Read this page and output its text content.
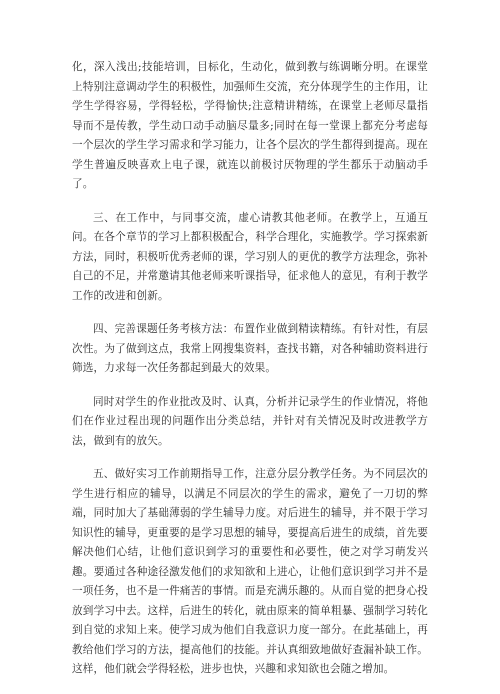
化，深入浅出;技能培训，目标化，生动化，做到教与练调晰分明。在课堂上特别注意调动学生的积极性，加强师生交流，充分体现学生的主作用，让学生学得容易，学得轻松，学得愉快;注意精讲精练，在课堂上老师尽量指导而不是传教，学生动口动手动脑尽量多;同时在每一堂课上都充分考虑每一个层次的学生学习需求和学习能力，让各个层次的学生都得到提高。现在学生普遍反映喜欢上电子课，就连以前极讨厌物理的学生都乐于动脑动手了。

三、在工作中，与同事交流，虚心请教其他老师。在教学上，互通互问。在各个章节的学习上都积极配合，科学合理化，实施教学。学习探索新方法，同时，积极听优秀老师的课，学习别人的更优的教学方法理念，弥补自己的不足，并常邀请其他老师来听课指导，征求他人的意见，有利于教学工作的改进和创新。

四、完善课题任务考核方法：布置作业做到精读精练。有针对性，有层次性。为了做到这点，我常上网搜集资料，查找书籍，对各种辅助资料进行筛选，力求每一次任务都起到最大的效果。

同时对学生的作业批改及时、认真，分析并记录学生的作业情况，将他们在作业过程出现的问题作出分类总结，并针对有关情况及时改进教学方法，做到有的放矢。

五、做好实习工作前期指导工作，注意分层分教学任务。为不同层次的学生进行相应的辅导，以满足不同层次的学生的需求，避免了一刀切的弊端，同时加大了基础薄弱的学生辅导力度。对后进生的辅导，并不限于学习知识性的辅导，更重要的是学习思想的辅导，要提高后进生的成绩，首先要解决他们心结，让他们意识到学习的重要性和必要性，使之对学习萌发兴趣。要通过各种途径激发他们的求知欲和上进心，让他们意识到学习并不是一项任务，也不是一件痛苦的事情。而是充满乐趣的。从而自觉的把身心投放到学习中去。这样，后进生的转化，就由原来的简单粗暴、强制学习转化到自觉的求知上来。使学习成为他们自我意识力度一部分。在此基础上，再教给他们学习的方法，提高他们的技能。并认真细致地做好查漏补缺工作。这样，他们就会学得轻松，进步也快，兴趣和求知欲也会随之增加。
